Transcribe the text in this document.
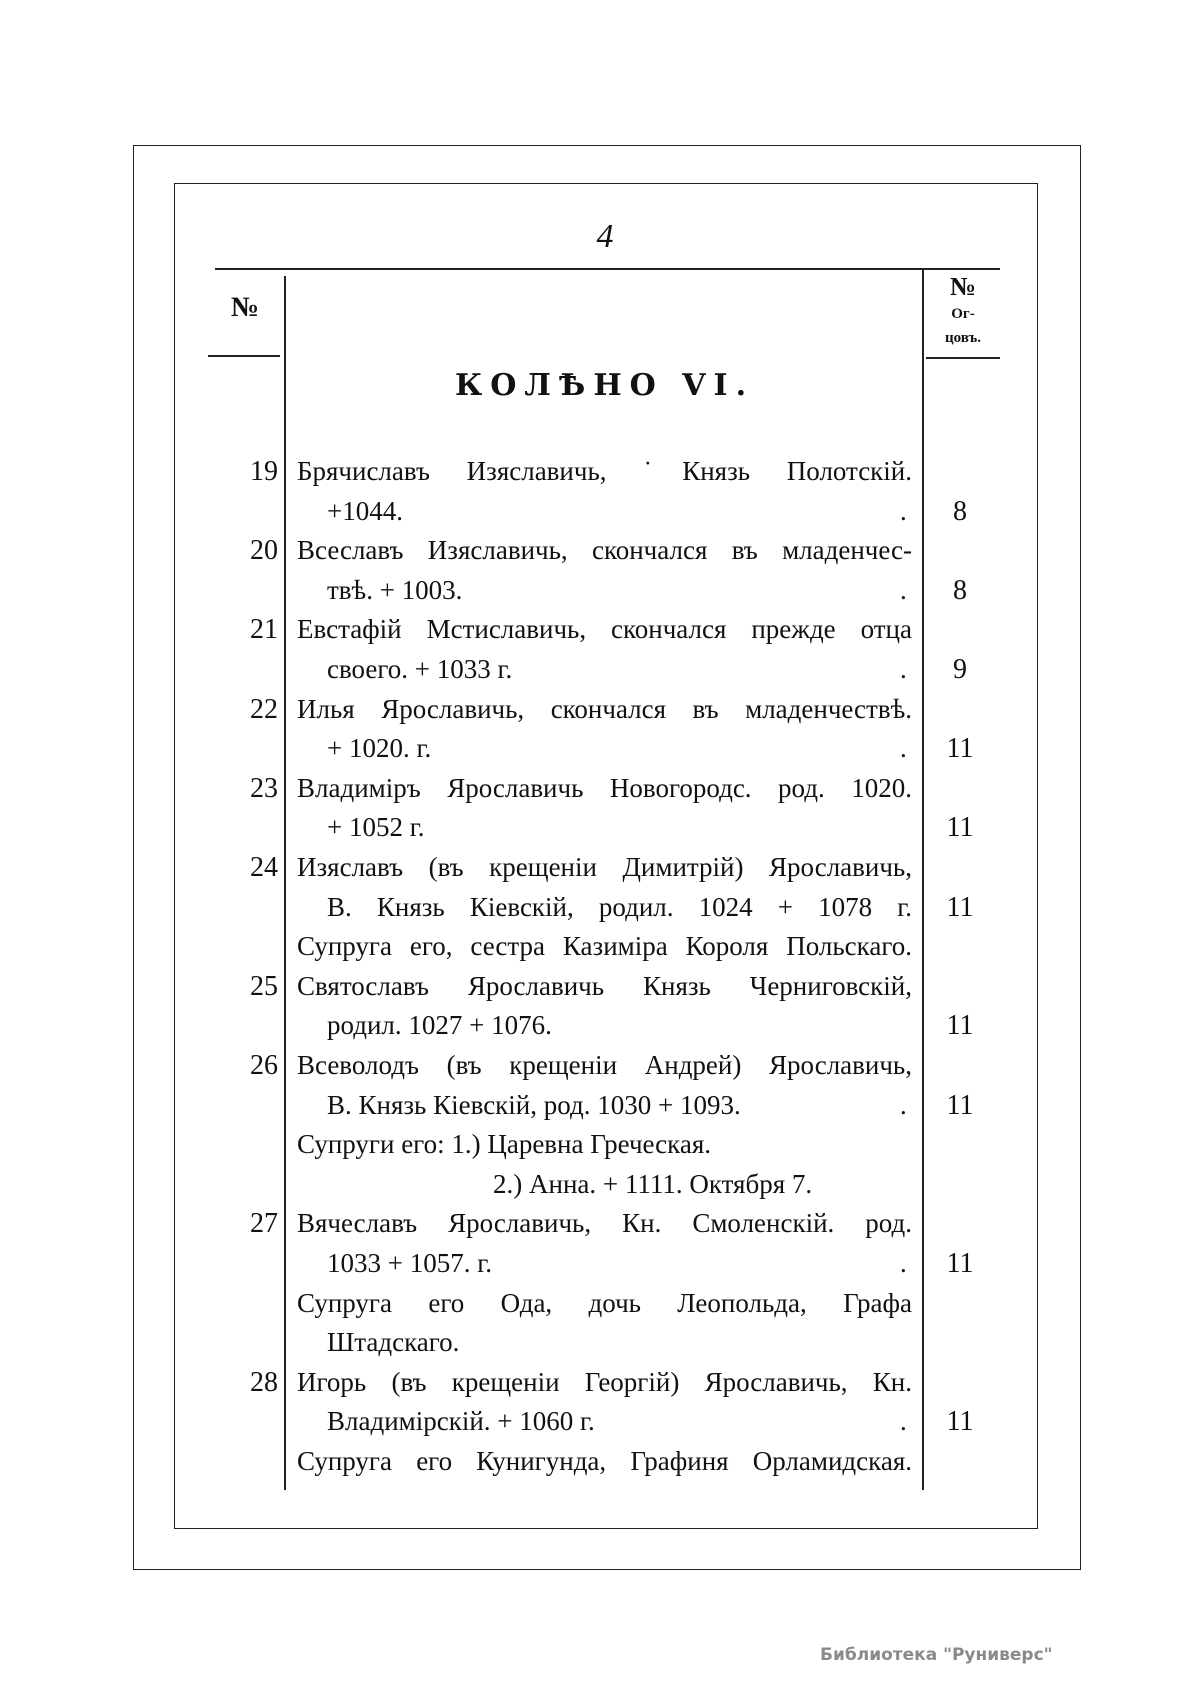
4
№
№
Ог-
цовъ.
КОЛѢНО VI.
19 Брячиславъ Изяславичь, ˙Князь Полотскій.
+1044.	.	8
20 Всеславъ Изяславичь, скончался въ младенчес-
твѣ. + 1003.	.	8
21 Евстафій Мстиславичь, скончался прежде отца
своего. + 1033 г.	.	9
22 Илья Ярославичь, скончался въ младенчествѣ.
+ 1020. г.	.	11
23 Владиміръ Ярославичь Новогородс. род. 1020.
+ 1052 г.	11
24 Изяславъ (въ крещеніи Димитрій) Ярославичь,
В. Князь Кіевскій, родил. 1024 + 1078 г.	11
Супруга его, сестра Казиміра Короля Польскаго.
25 Святославъ Ярославичь Князь Черниговскій,
родил. 1027 + 1076.	11
26 Всеволодъ (въ крещеніи Андрей) Ярославичь,
В. Князь Кіевскій, род. 1030 + 1093.	.	11
Супруги его: 1.) Царевна Греческая.
2.) Анна. + 1111. Октября 7.
27 Вячеславъ Ярославичь, Кн. Смоленскій. род.
1033 + 1057. г.	.	11
Супруга его Ода, дочь Леопольда, Графа
Штадскаго.
28 Игорь (въ крещеніи Георгій) Ярославичь, Кн.
Владимірскій. + 1060 г.	.	11
Супруга его Кунигунда, Графиня Орламидская.
Библиотека "Руниверс"
